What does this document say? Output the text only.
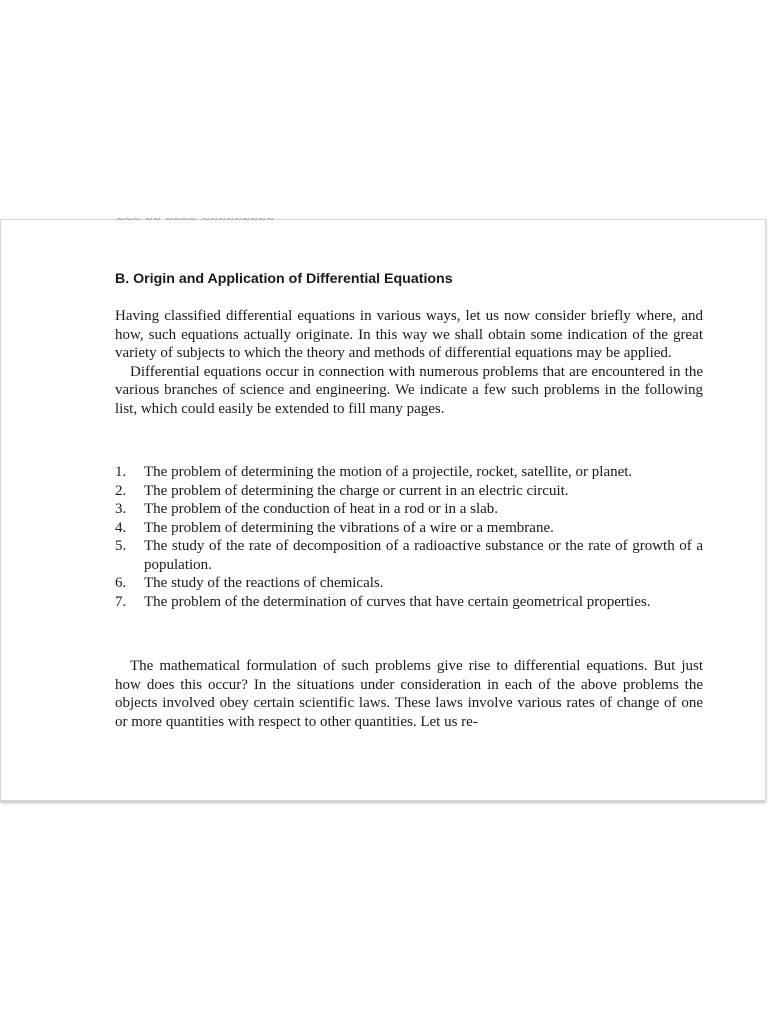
~~~ ~~ ~~~~ ~~~~~~~~~
B. Origin and Application of Differential Equations

Having classified differential equations in various ways, let us now consider briefly where, and how, such equations actually originate. In this way we shall obtain some indication of the great variety of subjects to which the theory and methods of differential equations may be applied.

Differential equations occur in connection with numerous problems that are encountered in the various branches of science and engineering. We indicate a few such problems in the following list, which could easily be extended to fill many pages.

1.	The problem of determining the motion of a projectile, rocket, satellite, or planet.
2.	The problem of determining the charge or current in an electric circuit.
3.	The problem of the conduction of heat in a rod or in a slab.
4.	The problem of determining the vibrations of a wire or a membrane.
5.	The study of the rate of decomposition of a radioactive substance or the rate of growth of a population.
6.	The study of the reactions of chemicals.
7.	The problem of the determination of curves that have certain geometrical properties.

The mathematical formulation of such problems give rise to differential equations. But just how does this occur? In the situations under consideration in each of the above problems the objects involved obey certain scientific laws. These laws involve various rates of change of one or more quantities with respect to other quantities. Let us re-
